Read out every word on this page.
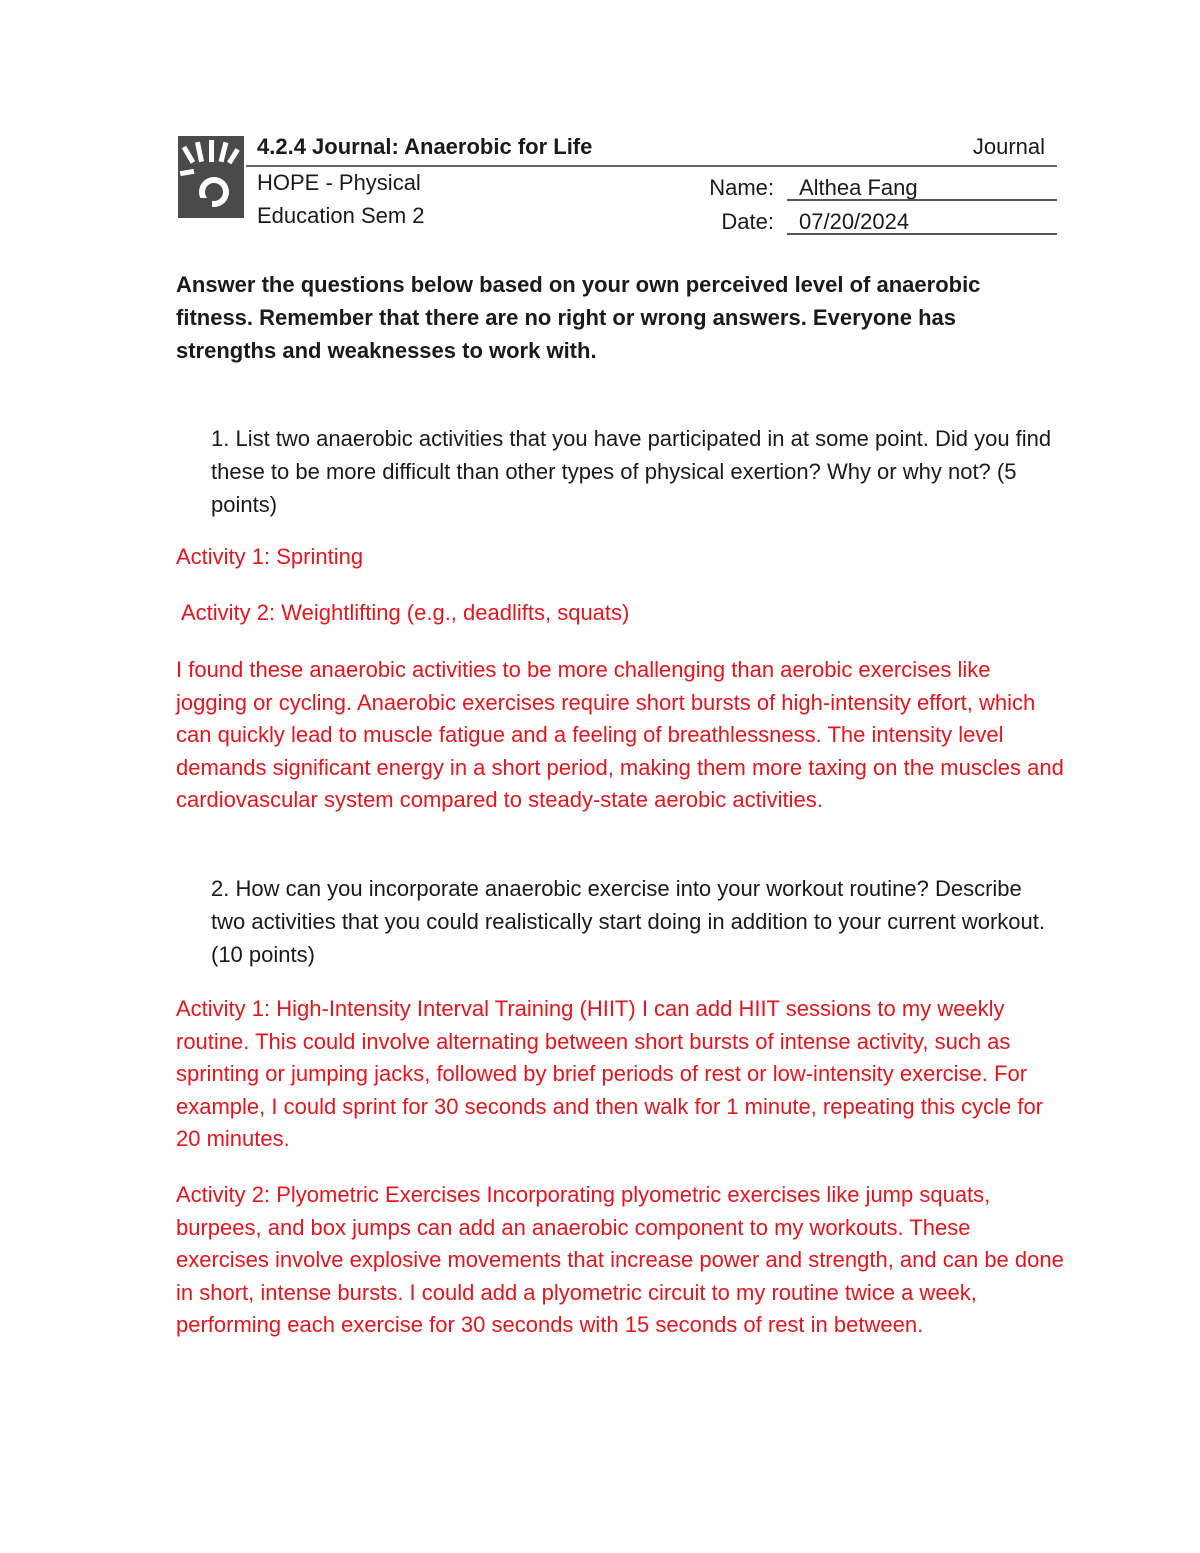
4.2.4 Journal: Anaerobic for Life	Journal
HOPE - Physical
Education Sem 2
Name: Althea Fang
Date: 07/20/2024

Answer the questions below based on your own perceived level of anaerobic fitness. Remember that there are no right or wrong answers. Everyone has strengths and weaknesses to work with.

1. List two anaerobic activities that you have participated in at some point. Did you find these to be more difficult than other types of physical exertion? Why or why not? (5 points)

Activity 1: Sprinting

Activity 2: Weightlifting (e.g., deadlifts, squats)

I found these anaerobic activities to be more challenging than aerobic exercises like jogging or cycling. Anaerobic exercises require short bursts of high-intensity effort, which can quickly lead to muscle fatigue and a feeling of breathlessness. The intensity level demands significant energy in a short period, making them more taxing on the muscles and cardiovascular system compared to steady-state aerobic activities.

2. How can you incorporate anaerobic exercise into your workout routine? Describe two activities that you could realistically start doing in addition to your current workout. (10 points)

Activity 1: High-Intensity Interval Training (HIIT) I can add HIIT sessions to my weekly routine. This could involve alternating between short bursts of intense activity, such as sprinting or jumping jacks, followed by brief periods of rest or low-intensity exercise. For example, I could sprint for 30 seconds and then walk for 1 minute, repeating this cycle for 20 minutes.

Activity 2: Plyometric Exercises Incorporating plyometric exercises like jump squats, burpees, and box jumps can add an anaerobic component to my workouts. These exercises involve explosive movements that increase power and strength, and can be done in short, intense bursts. I could add a plyometric circuit to my routine twice a week, performing each exercise for 30 seconds with 15 seconds of rest in between.
